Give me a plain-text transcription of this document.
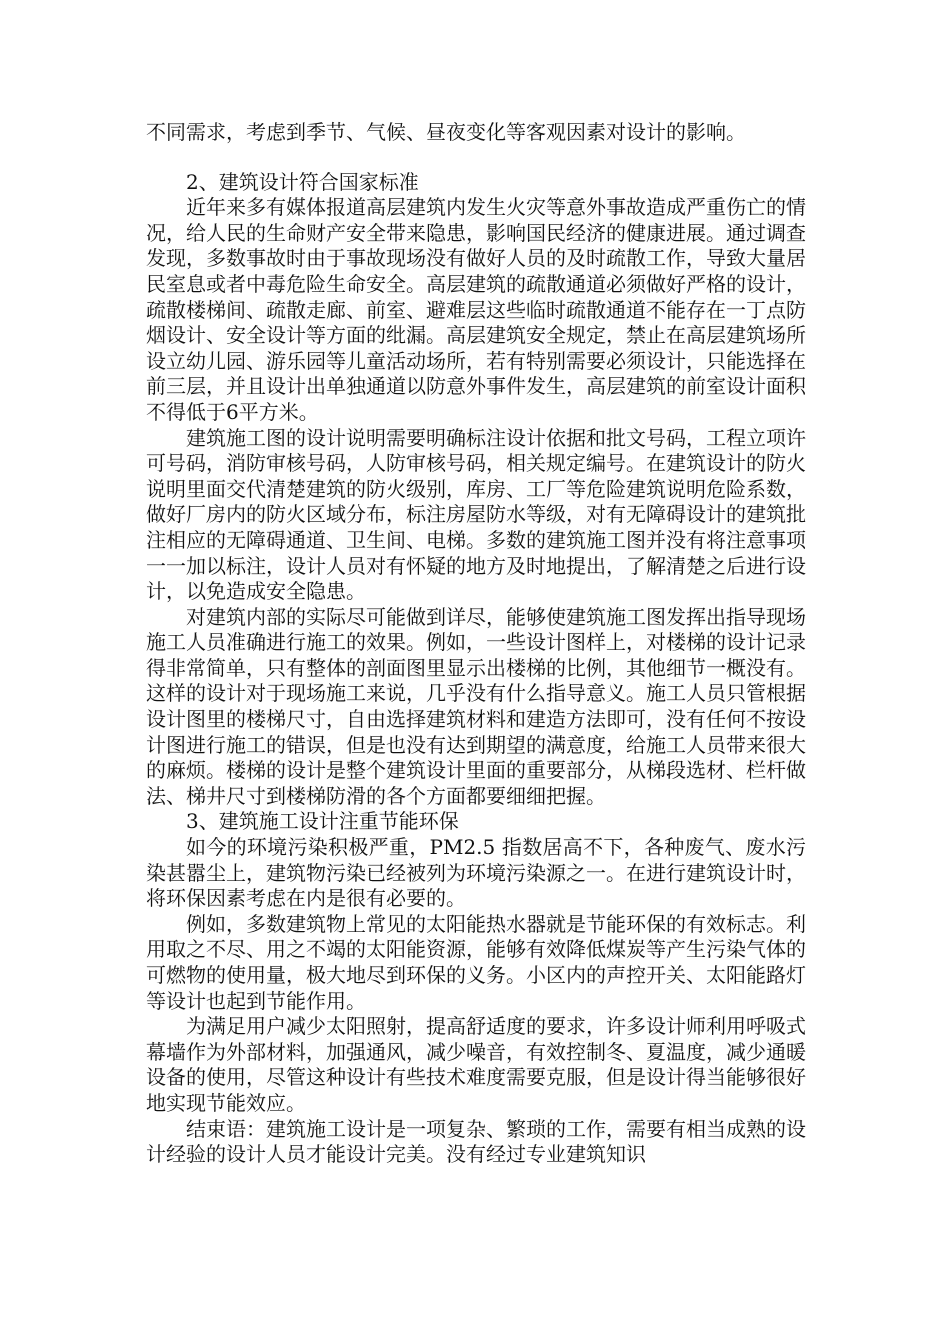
不同需求，考虑到季节、气候、昼夜变化等客观因素对设计的影响。

2、建筑设计符合国家标准

近年来多有媒体报道高层建筑内发生火灾等意外事故造成严重伤亡的情况，给人民的生命财产安全带来隐患，影响国民经济的健康进展。通过调查发现，多数事故时由于事故现场没有做好人员的及时疏散工作，导致大量居民室息或者中毒危险生命安全。高层建筑的疏散通道必须做好严格的设计，疏散楼梯间、疏散走廊、前室、避难层这些临时疏散通道不能存在一丁点防烟设计、安全设计等方面的纰漏。高层建筑安全规定，禁止在高层建筑场所设立幼儿园、游乐园等儿童活动场所，若有特别需要必须设计，只能选择在前三层，并且设计出单独通道以防意外事件发生，高层建筑的前室设计面积不得低于6平方米。

建筑施工图的设计说明需要明确标注设计依据和批文号码，工程立项许可号码，消防审核号码，人防审核号码，相关规定编号。在建筑设计的防火说明里面交代清楚建筑的防火级别，库房、工厂等危险建筑说明危险系数，做好厂房内的防火区域分布，标注房屋防水等级，对有无障碍设计的建筑批注相应的无障碍通道、卫生间、电梯。多数的建筑施工图并没有将注意事项一一加以标注，设计人员对有怀疑的地方及时地提出，了解清楚之后进行设计，以免造成安全隐患。

对建筑内部的实际尽可能做到详尽，能够使建筑施工图发挥出指导现场施工人员准确进行施工的效果。例如，一些设计图样上，对楼梯的设计记录得非常简单，只有整体的剖面图里显示出楼梯的比例，其他细节一概没有。这样的设计对于现场施工来说，几乎没有什么指导意义。施工人员只管根据设计图里的楼梯尺寸，自由选择建筑材料和建造方法即可，没有任何不按设计图进行施工的错误，但是也没有达到期望的满意度，给施工人员带来很大的麻烦。楼梯的设计是整个建筑设计里面的重要部分，从梯段选材、栏杆做法、梯井尺寸到楼梯防滑的各个方面都要细细把握。

3、建筑施工设计注重节能环保

如今的环境污染积极严重，PM2.5 指数居高不下，各种废气、废水污染甚嚣尘上，建筑物污染已经被列为环境污染源之一。在进行建筑设计时，将环保因素考虑在内是很有必要的。

例如，多数建筑物上常见的太阳能热水器就是节能环保的有效标志。利用取之不尽、用之不竭的太阳能资源，能够有效降低煤炭等产生污染气体的可燃物的使用量，极大地尽到环保的义务。小区内的声控开关、太阳能路灯等设计也起到节能作用。

为满足用户减少太阳照射，提高舒适度的要求，许多设计师利用呼吸式幕墙作为外部材料，加强通风，减少噪音，有效控制冬、夏温度，减少通暖设备的使用，尽管这种设计有些技术难度需要克服，但是设计得当能够很好地实现节能效应。

结束语：建筑施工设计是一项复杂、繁琐的工作，需要有相当成熟的设计经验的设计人员才能设计完美。没有经过专业建筑知识
